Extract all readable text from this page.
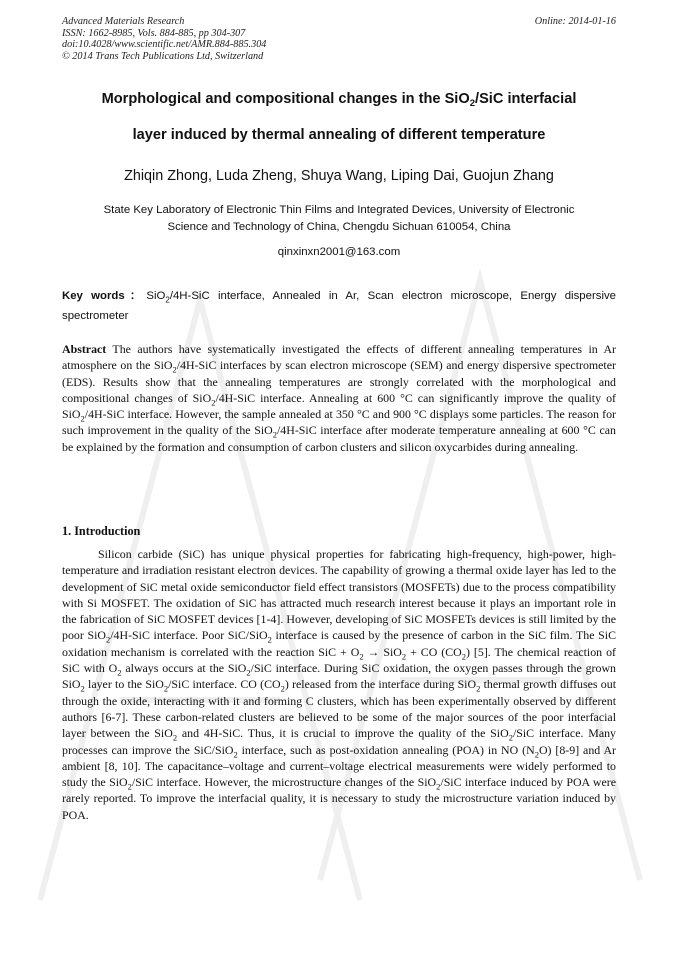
Advanced Materials Research
ISSN: 1662-8985, Vols. 884-885, pp 304-307
doi:10.4028/www.scientific.net/AMR.884-885.304
© 2014 Trans Tech Publications Ltd, Switzerland
Online: 2014-01-16
Morphological and compositional changes in the SiO$_2$/SiC interfacial
layer induced by thermal annealing of different temperature
Zhiqin Zhong, Luda Zheng, Shuya Wang, Liping Dai, Guojun Zhang
State Key Laboratory of Electronic Thin Films and Integrated Devices, University of Electronic
Science and Technology of China, Chengdu Sichuan 610054, China
qinxinxn2001@163.com
Key words：SiO$_2$/4H-SiC interface, Annealed in Ar, Scan electron microscope, Energy dispersive spectrometer
Abstract The authors have systematically investigated the effects of different annealing temperatures in Ar atmosphere on the SiO$_2$/4H-SiC interfaces by scan electron microscope (SEM) and energy dispersive spectrometer (EDS). Results show that the annealing temperatures are strongly correlated with the morphological and compositional changes of SiO$_2$/4H-SiC interface. Annealing at 600 °C can significantly improve the quality of SiO$_2$/4H-SiC interface. However, the sample annealed at 350 °C and 900 °C displays some particles. The reason for such improvement in the quality of the SiO$_2$/4H-SiC interface after moderate temperature annealing at 600 °C can be explained by the formation and consumption of carbon clusters and silicon oxycarbides during annealing.
1. Introduction
Silicon carbide (SiC) has unique physical properties for fabricating high-frequency, high-power, high-temperature and irradiation resistant electron devices. The capability of growing a thermal oxide layer has led to the development of SiC metal oxide semiconductor field effect transistors (MOSFETs) due to the process compatibility with Si MOSFET. The oxidation of SiC has attracted much research interest because it plays an important role in the fabrication of SiC MOSFET devices [1-4]. However, developing of SiC MOSFETs devices is still limited by the poor SiO$_2$/4H-SiC interface. Poor SiC/SiO$_2$ interface is caused by the presence of carbon in the SiC film. The SiC oxidation mechanism is correlated with the reaction SiC + $O_2 \to SiO_2$ + CO $(CO_2)$ [5]. The chemical reaction of SiC with $O_2$ always occurs at the SiO$_2$/SiC interface. During SiC oxidation, the oxygen passes through the grown SiO$_2$ layer to the SiO$_2$/SiC interface. CO $(CO_2)$ released from the interface during SiO$_2$ thermal growth diffuses out through the oxide, interacting with it and forming C clusters, which has been experimentally observed by different authors [6-7]. These carbon-related clusters are believed to be some of the major sources of the poor interfacial layer between the SiO$_2$ and 4H-SiC. Thus, it is crucial to improve the quality of the SiO$_2$/SiC interface. Many processes can improve the SiC/SiO$_2$ interface, such as post-oxidation annealing (POA) in NO $(N_2O)$ [8-9] and Ar ambient [8, 10]. The capacitance–voltage and current–voltage electrical measurements were widely performed to study the SiO$_2$/SiC interface. However, the microstructure changes of the SiO$_2$/SiC interface induced by POA were rarely reported. To improve the interfacial quality, it is necessary to study the microstructure variation induced by POA.
